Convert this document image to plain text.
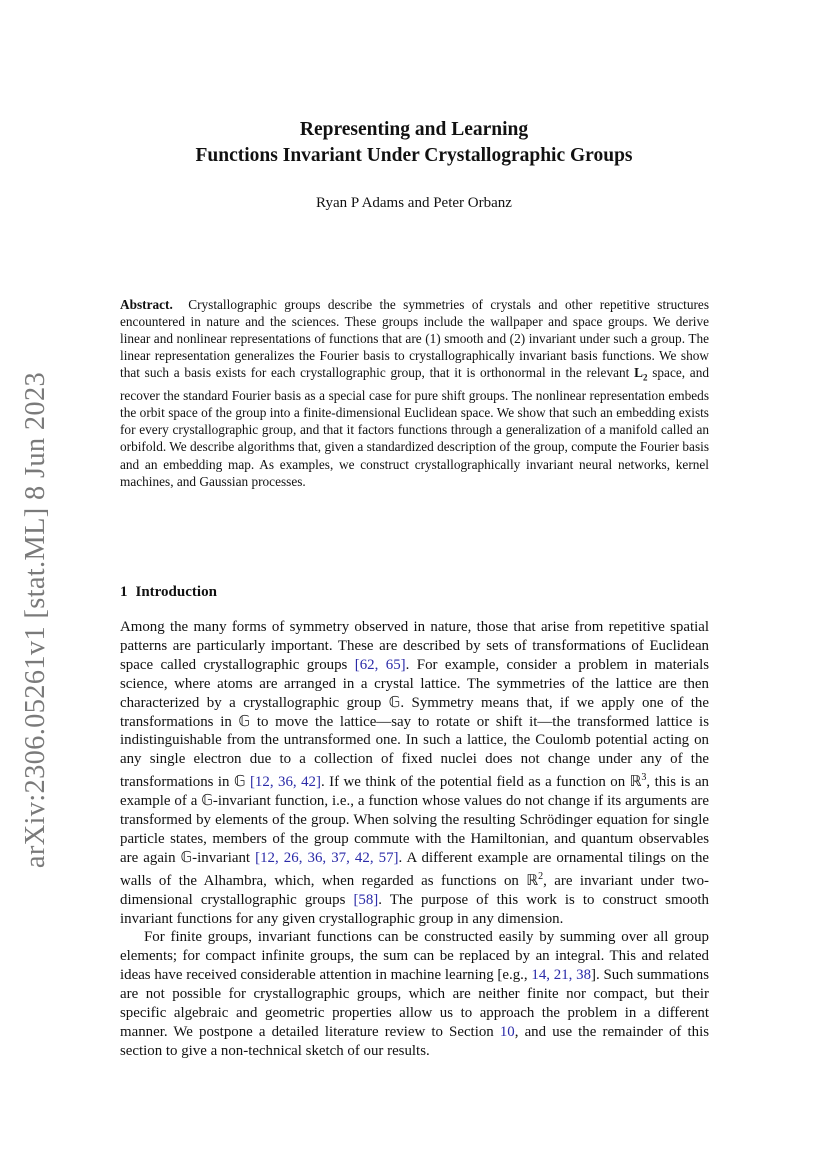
arXiv:2306.05261v1 [stat.ML] 8 Jun 2023
Representing and Learning
Functions Invariant Under Crystallographic Groups
Ryan P Adams and Peter Orbanz
Abstract. Crystallographic groups describe the symmetries of crystals and other repetitive structures encountered in nature and the sciences. These groups include the wallpaper and space groups. We derive linear and nonlinear representations of functions that are (1) smooth and (2) invariant under such a group. The linear representation generalizes the Fourier basis to crystallographically invariant basis functions. We show that such a basis exists for each crystallographic group, that it is orthonormal in the relevant $L_2$ space, and recover the standard Fourier basis as a special case for pure shift groups. The nonlinear representation embeds the orbit space of the group into a finite-dimensional Euclidean space. We show that such an embedding exists for every crystallographic group, and that it factors functions through a generalization of a manifold called an orbifold. We describe algorithms that, given a standardized description of the group, compute the Fourier basis and an embedding map. As examples, we construct crystallographically invariant neural networks, kernel machines, and Gaussian processes.
1 Introduction

Among the many forms of symmetry observed in nature, those that arise from repetitive spatial patterns are particularly important. These are described by sets of transformations of Euclidean space called crystallographic groups [62, 65]. For example, consider a problem in materials science, where atoms are arranged in a crystal lattice. The symmetries of the lattice are then characterized by a crystallographic group 𝔾. Symmetry means that, if we apply one of the transformations in 𝔾 to move the lattice—say to rotate or shift it—the transformed lattice is indistinguishable from the untransformed one. In such a lattice, the Coulomb potential acting on any single electron due to a collection of fixed nuclei does not change under any of the transformations in 𝔾 [12, 36, 42]. If we think of the potential field as a function on ℝ$^3$, this is an example of a 𝔾-invariant function, i.e., a function whose values do not change if its arguments are transformed by elements of the group. When solving the resulting Schrödinger equation for single particle states, members of the group commute with the Hamiltonian, and quantum observables are again 𝔾-invariant [12, 26, 36, 37, 42, 57]. A different example are ornamental tilings on the walls of the Alhambra, which, when regarded as functions on ℝ$^2$, are invariant under two-dimensional crystallographic groups [58]. The purpose of this work is to construct smooth invariant functions for any given crystallographic group in any dimension.

For finite groups, invariant functions can be constructed easily by summing over all group elements; for compact infinite groups, the sum can be replaced by an integral. This and related ideas have received considerable attention in machine learning [e.g., 14, 21, 38]. Such summations are not possible for crystallographic groups, which are neither finite nor compact, but their specific algebraic and geometric properties allow us to approach the problem in a different manner. We postpone a detailed literature review to Section 10, and use the remainder of this section to give a non-technical sketch of our results.
